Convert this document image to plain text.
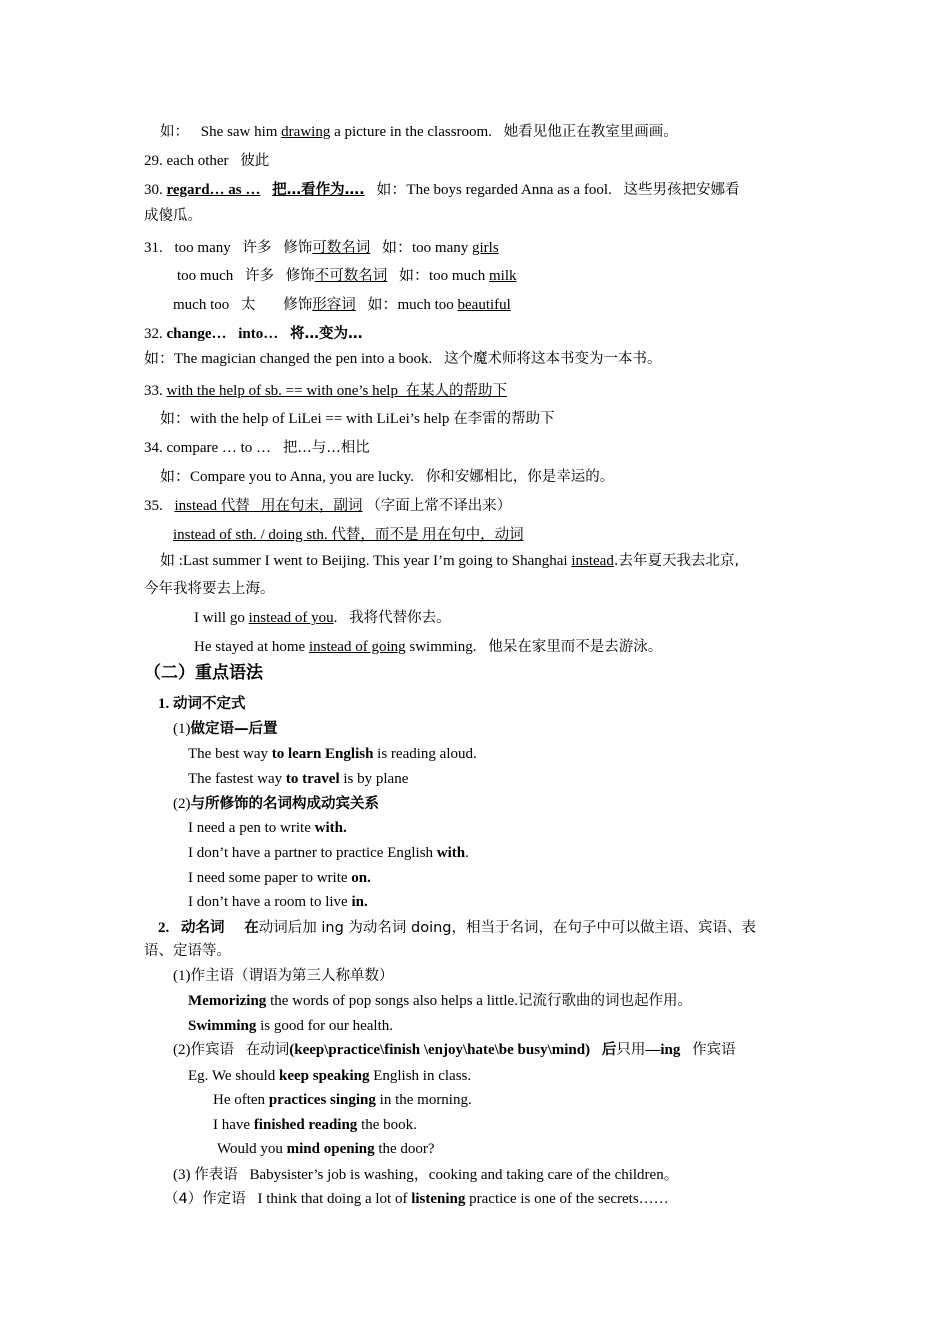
如： She saw him drawing a picture in the classroom. 她看见他正在教室里画画。
29. each other 彼此
30. regard… as … 把…看作为…. 如：The boys regarded Anna as a fool. 这些男孩把安娜看
成傻瓜。
31. too many 许多 修饰可数名词 如：too many girls
too much 许多 修饰不可数名词 如：too much milk
much too 太 修饰形容词 如：much too beautiful
32. change… into… 将…变为…
如：The magician changed the pen into a book. 这个魔术师将这本书变为一本书。
33. with the help of sb. == with one’s help 在某人的帮助下
如：with the help of LiLei == with LiLei’s help 在李雷的帮助下
34. compare … to … 把…与…相比
如：Compare you to Anna, you are lucky. 你和安娜相比，你是幸运的。
35. instead 代替 用在句末，副词 （字面上常不译出来）
instead of sth. / doing sth. 代替，而不是 用在句中，动词
如 :Last summer I went to Beijing. This year I’m going to Shanghai instead.去年夏天我去北京,
今年我将要去上海。
I will go instead of you. 我将代替你去。
He stayed at home instead of going swimming. 他呆在家里而不是去游泳。
（二）重点语法
1. 动词不定式
(1)做定语—后置
The best way to learn English is reading aloud.
The fastest way to travel is by plane
(2)与所修饰的名词构成动宾关系
I need a pen to write with.
I don’t have a partner to practice English with.
I need some paper to write on.
I don’t have a room to live in.
2. 动名词 在动词后加 ing 为动名词 doing，相当于名词，在句子中可以做主语、宾语、表
语、定语等。
(1)作主语（谓语为第三人称单数）
Memorizing the words of pop songs also helps a little.记流行歌曲的词也起作用。
Swimming is good for our health.
(2)作宾语 在动词(keep\practice\finish \enjoy\hate\be busy\mind) 后只用—ing 作宾语
Eg. We should keep speaking English in class.
He often practices singing in the morning.
I have finished reading the book.
Would you mind opening the door?
(3) 作表语 Babysister’s job is washing，cooking and taking care of the children。
（4）作定语 I think that doing a lot of listening practice is one of the secrets……
